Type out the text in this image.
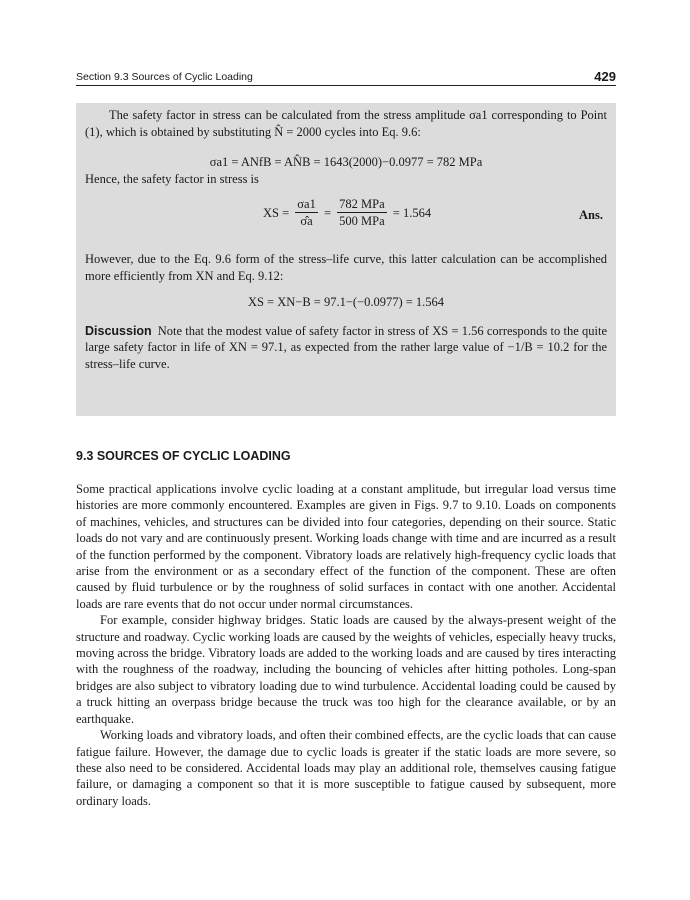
Section 9.3 Sources of Cyclic Loading	429

The safety factor in stress can be calculated from the stress amplitude σa1 corresponding to Point (1), which is obtained by substituting N̂ = 2000 cycles into Eq. 9.6:

σa1 = ANfB = AN̂B = 1643(2000)−0.0977 = 782 MPa

Hence, the safety factor in stress is

XS = $\frac{\sigma a1}{\sigmâa} = \frac{\text{782 MPa}}{\text{500 MPa}} = 1.564$	Ans.

However, due to the Eq. 9.6 form of the stress–life curve, this latter calculation can be accomplished more efficiently from XN and Eq. 9.12:

XS = XN−B = 97.1−(−0.0977) = 1.564

Discussion Note that the modest value of safety factor in stress of XS = 1.56 corresponds to the quite large safety factor in life of XN = 97.1, as expected from the rather large value of −1/B = 10.2 for the stress–life curve.

9.3 SOURCES OF CYCLIC LOADING

Some practical applications involve cyclic loading at a constant amplitude, but irregular load versus time histories are more commonly encountered. Examples are given in Figs. 9.7 to 9.10. Loads on components of machines, vehicles, and structures can be divided into four categories, depending on their source. Static loads do not vary and are continuously present. Working loads change with time and are incurred as a result of the function performed by the component. Vibratory loads are relatively high-frequency cyclic loads that arise from the environment or as a secondary effect of the function of the component. These are often caused by fluid turbulence or by the roughness of solid surfaces in contact with one another. Accidental loads are rare events that do not occur under normal circumstances.

For example, consider highway bridges. Static loads are caused by the always-present weight of the structure and roadway. Cyclic working loads are caused by the weights of vehicles, especially heavy trucks, moving across the bridge. Vibratory loads are added to the working loads and are caused by tires interacting with the roughness of the roadway, including the bouncing of vehicles after hitting potholes. Long-span bridges are also subject to vibratory loading due to wind turbulence. Accidental loading could be caused by a truck hitting an overpass bridge because the truck was too high for the clearance available, or by an earthquake.

Working loads and vibratory loads, and often their combined effects, are the cyclic loads that can cause fatigue failure. However, the damage due to cyclic loads is greater if the static loads are more severe, so these also need to be considered. Accidental loads may play an additional role, themselves causing fatigue failure, or damaging a component so that it is more susceptible to fatigue caused by subsequent, more ordinary loads.
